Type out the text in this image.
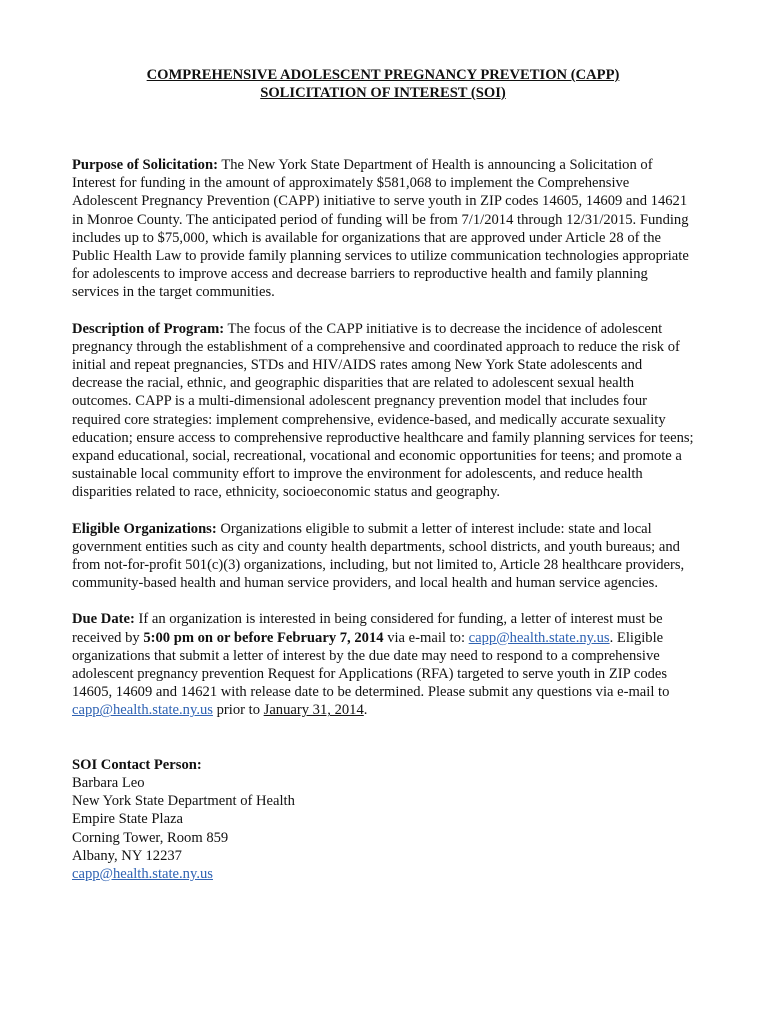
COMPREHENSIVE ADOLESCENT PREGNANCY PREVETION (CAPP)

SOLICITATION OF INTEREST (SOI)

Purpose of Solicitation: The New York State Department of Health is announcing a Solicitation of Interest for funding in the amount of approximately $581,068 to implement the Comprehensive Adolescent Pregnancy Prevention (CAPP) initiative to serve youth in ZIP codes 14605, 14609 and 14621 in Monroe County. The anticipated period of funding will be from 7/1/2014 through 12/31/2015. Funding includes up to $75,000, which is available for organizations that are approved under Article 28 of the Public Health Law to provide family planning services to utilize communication technologies appropriate for adolescents to improve access and decrease barriers to reproductive health and family planning services in the target communities.

Description of Program: The focus of the CAPP initiative is to decrease the incidence of adolescent pregnancy through the establishment of a comprehensive and coordinated approach to reduce the risk of initial and repeat pregnancies, STDs and HIV/AIDS rates among New York State adolescents and decrease the racial, ethnic, and geographic disparities that are related to adolescent sexual health outcomes. CAPP is a multi-dimensional adolescent pregnancy prevention model that includes four required core strategies: implement comprehensive, evidence-based, and medically accurate sexuality education; ensure access to comprehensive reproductive healthcare and family planning services for teens; expand educational, social, recreational, vocational and economic opportunities for teens; and promote a sustainable local community effort to improve the environment for adolescents, and reduce health disparities related to race, ethnicity, socioeconomic status and geography.

Eligible Organizations: Organizations eligible to submit a letter of interest include: state and local government entities such as city and county health departments, school districts, and youth bureaus; and from not-for-profit 501(c)(3) organizations, including, but not limited to, Article 28 healthcare providers, community-based health and human service providers, and local health and human service agencies.

Due Date: If an organization is interested in being considered for funding, a letter of interest must be received by 5:00 pm on or before February 7, 2014 via e-mail to: capp@health.state.ny.us. Eligible organizations that submit a letter of interest by the due date may need to respond to a comprehensive adolescent pregnancy prevention Request for Applications (RFA) targeted to serve youth in ZIP codes 14605, 14609 and 14621 with release date to be determined. Please submit any questions via e-mail to capp@health.state.ny.us prior to January 31, 2014.

SOI Contact Person:

Barbara Leo

New York State Department of Health

Empire State Plaza

Corning Tower, Room 859

Albany, NY 12237

capp@health.state.ny.us
